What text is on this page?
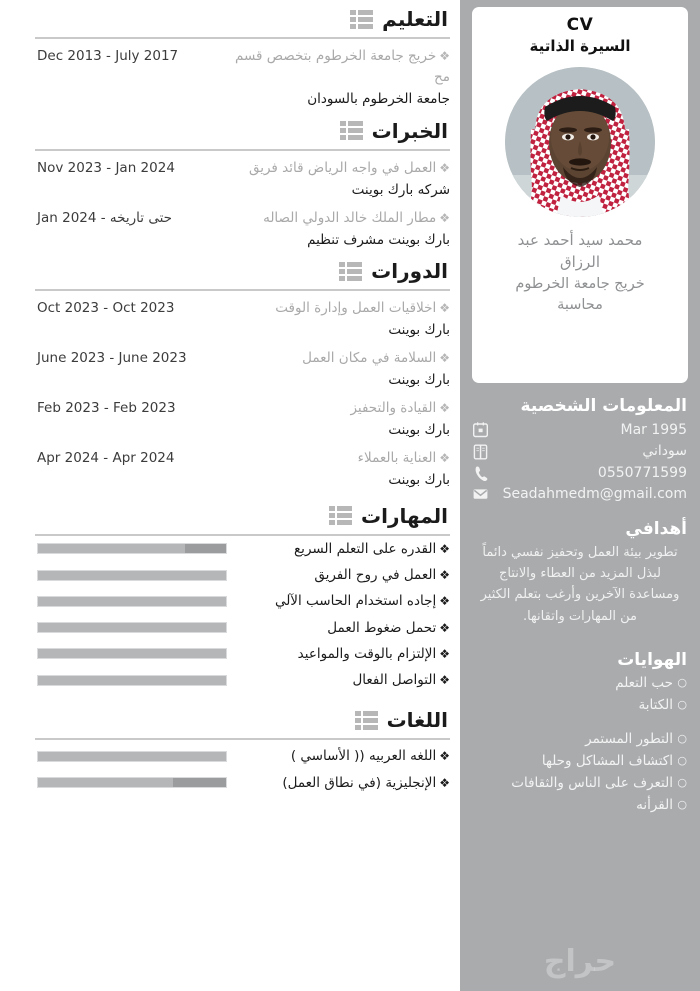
التعليم
Dec 2013 - July 2017	❖خريج جامعة الخرطوم بتخصص قسم مح
جامعة الخرطوم بالسودان
الخبرات
Nov 2023 - Jan 2024	❖العمل في واجه الرياض قائد فريق
شركه بارك بوينت
Jan 2024 - حتى تاريخه	❖مطار الملك خالد الدولي الصاله
بارك بوينت مشرف تنظيم
الدورات
Oct 2023 - Oct 2023	❖اخلاقيات العمل وإدارة الوقت
بارك بوينت
June 2023 - June 2023	❖السلامة في مكان العمل
بارك بوينت
Feb 2023 - Feb 2023	❖القيادة والتحفيز
بارك بوينت
Apr 2024 - Apr 2024	❖العناية بالعملاء
بارك بوينت
المهارات
❖القدره على التعلم السريع
❖العمل في روح الفريق
❖إجاده استخدام الحاسب الآلي
❖تحمل ضغوط العمل
❖الإلتزام بالوقت والمواعيد
❖التواصل الفعال
اللغات
❖اللغه العربيه (( الأساسي )
❖الإنجليزية (في نطاق العمل)
CV
السيرة الذاتية
محمد سيد أحمد عبد
الرزاق
خريج جامعة الخرطوم
محاسبة
المعلومات الشخصية
Mar 1995
سوداني
0550771599
Seadahmedm@gmail.com
أهدافي
تطوير بيئة العمل وتحفيز نفسي دائماً لبذل المزيد من العطاء والانتاج ومساعدة الآخرين وأرغب بتعلم الكثير من المهارات واتقانها.
الهوايات
○حب التعلم
○الكتابة
○التطور المستمر
○اكتشاف المشاكل وحلها
○التعرف على الناس والثقافات
○القرأنه
حراج
